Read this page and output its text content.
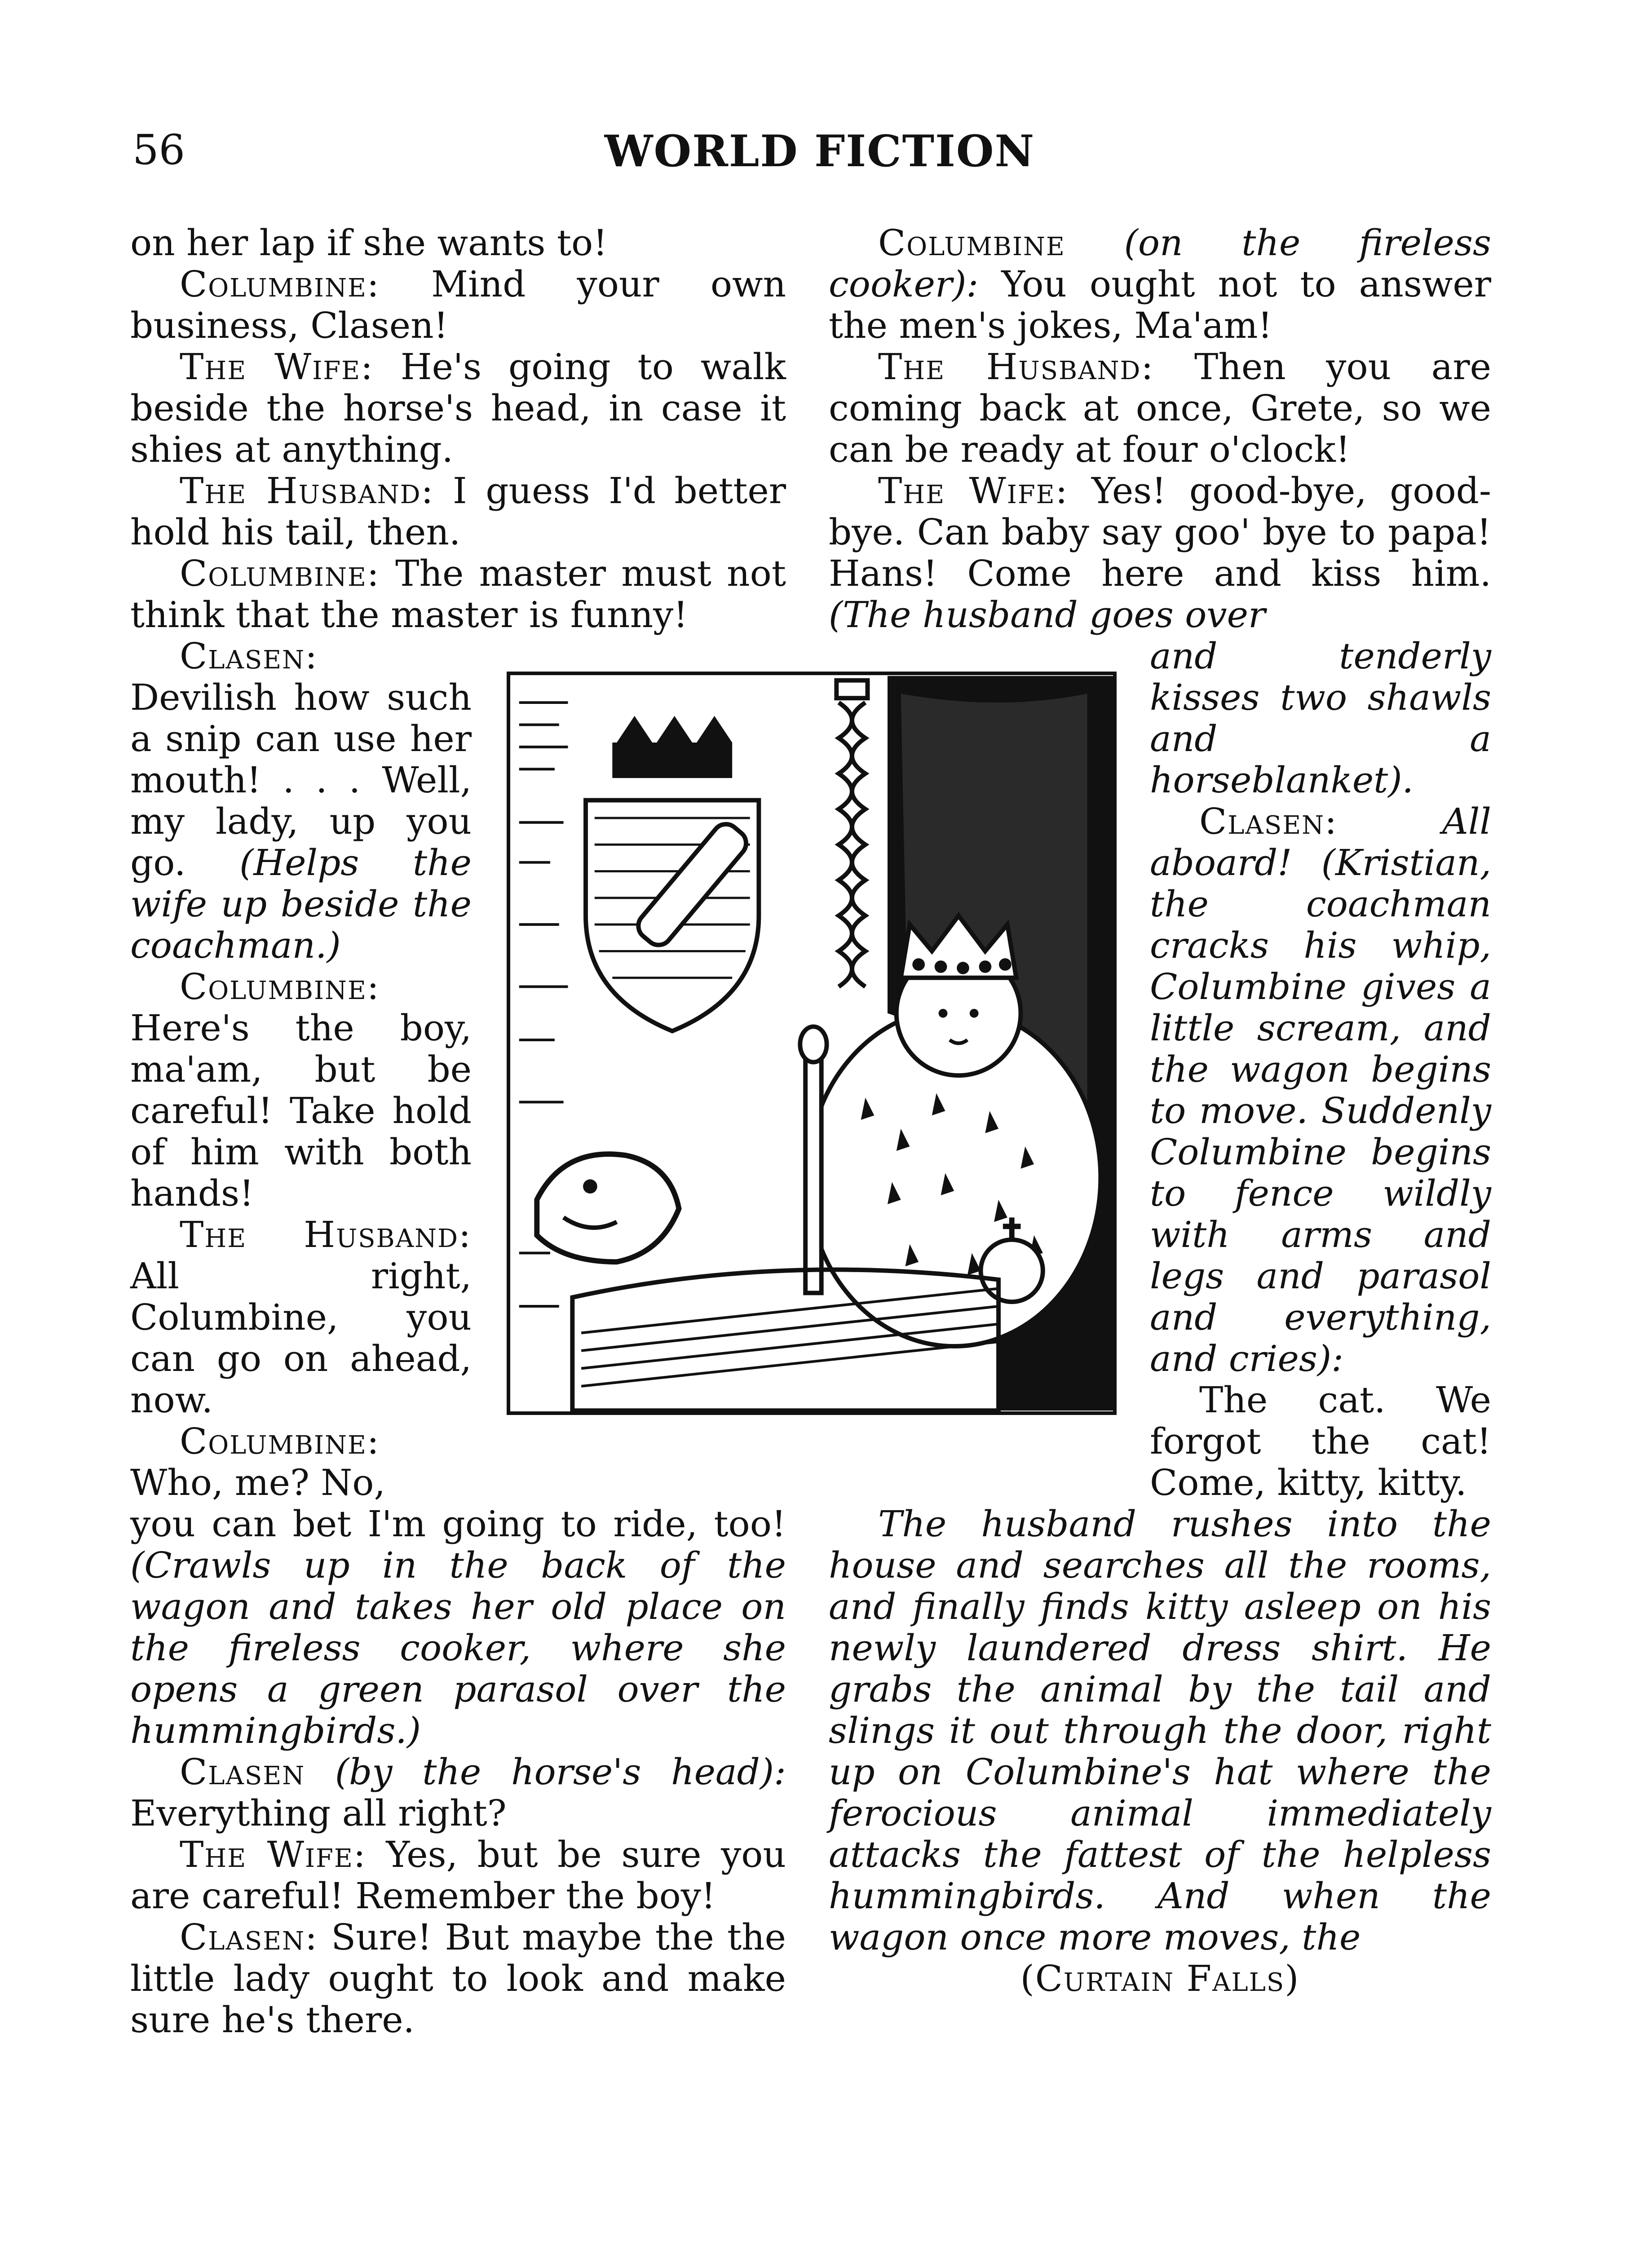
56	WORLD FICTION

on her lap if she wants to!

Columbine: Mind your own business, Clasen!

The Wife: He's going to walk beside the horse's head, in case it shies at anything.

The Husband: I guess I'd better hold his tail, then.

Columbine: The master must not think that the master is funny!

Clasen: Devilish how such a snip can use her mouth! . . . Well, my lady, up you go. (Helps the wife up beside the coachman.)

Columbine: Here's the boy, ma'am, but be careful! Take hold of him with both hands!

The Husband: All right, Columbine, you can go on ahead, now.

Columbine: Who, me? No,

you can bet I'm going to ride, too! (Crawls up in the back of the wagon and takes her old place on the fireless cooker, where she opens a green parasol over the hummingbirds.)

Clasen (by the horse's head): Everything all right?

The Wife: Yes, but be sure you are careful! Remember the boy!

Clasen: Sure! But maybe the the little lady ought to look and make sure he's there.

Columbine (on the fireless cooker): You ought not to answer the men's jokes, Ma'am!

The Husband: Then you are coming back at once, Grete, so we can be ready at four o'clock!

The Wife: Yes! good-bye, good-bye. Can baby say goo' bye to papa! Hans! Come here and kiss him. (The husband goes over

and tenderly kisses two shawls and a horseblanket).

Clasen: All aboard! (Kristian, the coachman cracks his whip, Columbine gives a little scream, and the wagon begins to move. Suddenly Columbine begins to fence wildly with arms and legs and parasol and everything, and cries):

The cat. We forgot the cat! Come, kitty, kitty.

The husband rushes into the house and searches all the rooms, and finally finds kitty asleep on his newly laundered dress shirt. He grabs the animal by the tail and slings it out through the door, right up on Columbine's hat where the ferocious animal immediately attacks the fattest of the helpless hummingbirds. And when the wagon once more moves, the

(Curtain Falls)

H.T.
